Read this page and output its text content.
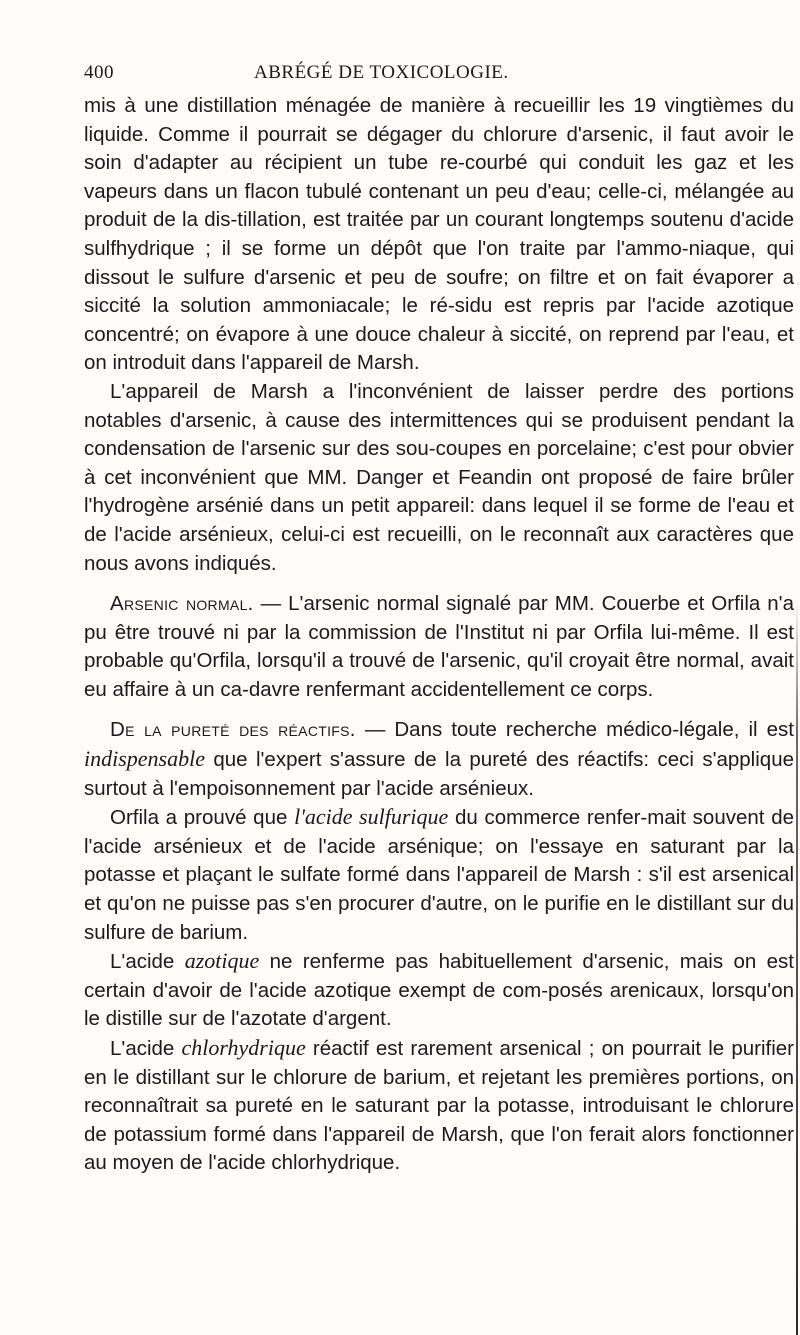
400	ABRÉGÉ DE TOXICOLOGIE.

mis à une distillation ménagée de manière à recueillir les 19 vingtièmes du liquide. Comme il pourrait se dégager du chlorure d'arsenic, il faut avoir le soin d'adapter au récipient un tube re-courbé qui conduit les gaz et les vapeurs dans un flacon tubulé contenant un peu d'eau; celle-ci, mélangée au produit de la dis-tillation, est traitée par un courant longtemps soutenu d'acide sulfhydrique ; il se forme un dépôt que l'on traite par l'ammo-niaque, qui dissout le sulfure d'arsenic et peu de soufre; on filtre et on fait évaporer a siccité la solution ammoniacale; le ré-sidu est repris par l'acide azotique concentré; on évapore à une douce chaleur à siccité, on reprend par l'eau, et on introduit dans l'appareil de Marsh.

L'appareil de Marsh a l'inconvénient de laisser perdre des portions notables d'arsenic, à cause des intermittences qui se produisent pendant la condensation de l'arsenic sur des sou-coupes en porcelaine; c'est pour obvier à cet inconvénient que MM. Danger et Feandin ont proposé de faire brûler l'hydrogène arsénié dans un petit appareil: dans lequel il se forme de l'eau et de l'acide arsénieux, celui-ci est recueilli, on le reconnaît aux caractères que nous avons indiqués.

Arsenic normal. — L'arsenic normal signalé par MM. Couerbe et Orfila n'a pu être trouvé ni par la commission de l'Institut ni par Orfila lui-même. Il est probable qu'Orfila, lorsqu'il a trouvé de l'arsenic, qu'il croyait être normal, avait eu affaire à un ca-davre renfermant accidentellement ce corps.

De la pureté des réactifs. — Dans toute recherche médico-légale, il est indispensable que l'expert s'assure de la pureté des réactifs: ceci s'applique surtout à l'empoisonnement par l'acide arsénieux.

Orfila a prouvé que l'acide sulfurique du commerce renfer-mait souvent de l'acide arsénieux et de l'acide arsénique; on l'essaye en saturant par la potasse et plaçant le sulfate formé dans l'appareil de Marsh : s'il est arsenical et qu'on ne puisse pas s'en procurer d'autre, on le purifie en le distillant sur du sulfure de barium.

L'acide azotique ne renferme pas habituellement d'arsenic, mais on est certain d'avoir de l'acide azotique exempt de com-posés arenicaux, lorsqu'on le distille sur de l'azotate d'argent.

L'acide chlorhydrique réactif est rarement arsenical ; on pourrait le purifier en le distillant sur le chlorure de barium, et rejetant les premières portions, on reconnaîtrait sa pureté en le saturant par la potasse, introduisant le chlorure de potassium formé dans l'appareil de Marsh, que l'on ferait alors fonctionner au moyen de l'acide chlorhydrique.
